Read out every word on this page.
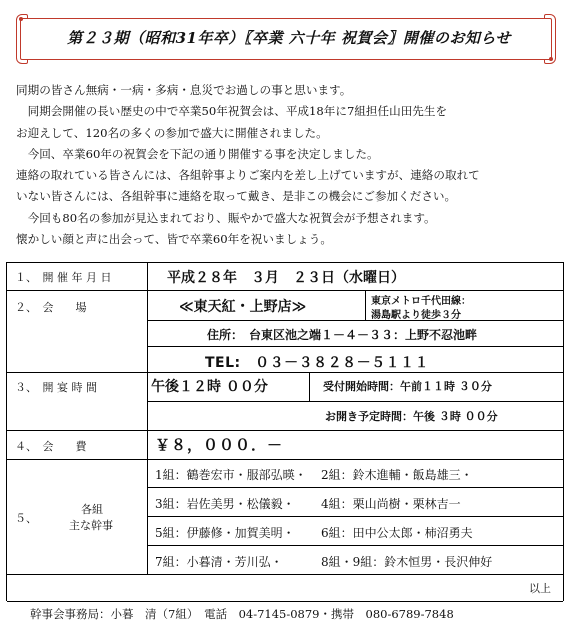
第２３期（昭和31年卒）〖卒業 六十年 祝賀会〗開催のお知らせ
同期の皆さん無病・一病・多病・息災でお過しの事と思います。
　同期会開催の長い歴史の中で卒業50年祝賀会は、平成18年に7組担任山田先生を
お迎えして、120名の多くの参加で盛大に開催されました。
　今回、卒業60年の祝賀会を下記の通り開催する事を決定しました。
連絡の取れている皆さんには、各組幹事よりご案内を差し上げていますが、連絡の取れて
いない皆さんには、各組幹事に連絡を取って戴き、是非この機会にご参加ください。
　今回も80名の参加が見込まれており、賑やかで盛大な祝賀会が予想されます。
懐かしい顔と声に出会って、皆で卒業60年を祝いましょう。
１、　開 催 年 月 日	平成２８年　３月　２３日（水曜日）
２、　会　　場	≪東天紅・上野店≫	東京メトロ千代田線：
湯島駅より徒歩３分
住所：　台東区池之端１－４－３３：上野不忍池畔
TEL:　０３－３８２８－５１１１
３、　開 宴 時 間	午後１２時 ００分	受付開始時間：午前１１時 ３０分
お開き予定時間：午後 ３時 ００分
４、　会　　費	￥８，０００．－
５、
各組
主な幹事
1組：鶴巻宏市・服部弘暎・ 2組：鈴木進輔・飯島雄三・
3組：岩佐美男・松儀毅・ 4組：栗山尚樹・栗林吉一
5組：伊藤修・加賀美明・ 6組：田中公太郎・柿沼勇夫
7組：小暮清・芳川弘・	8組・9組：鈴木恒男・長沢伸好
以上
幹事会事務局：小暮　清（7組）　電話　04-7145-0879・携帯　080-6789-7848
